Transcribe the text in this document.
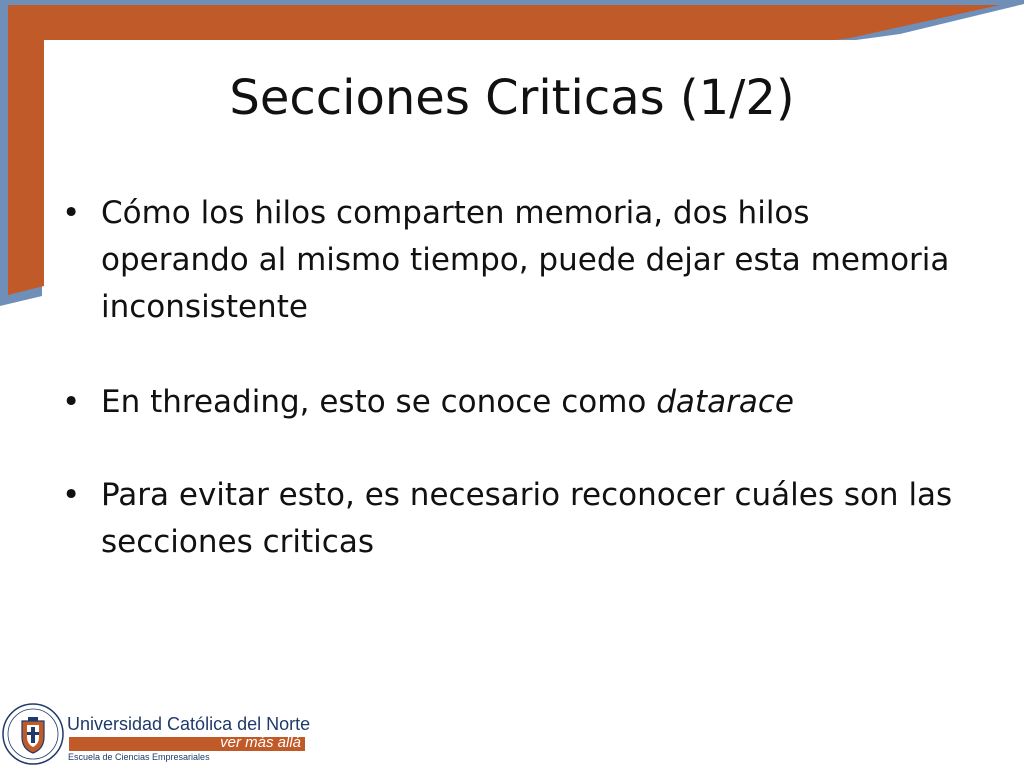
Secciones Criticas (1/2)
• Cómo los hilos comparten memoria, dos hilos operando al mismo tiempo, puede dejar esta memoria inconsistente
• En threading, esto se conoce como datarace
• Para evitar esto, es necesario reconocer cuáles son las secciones criticas
Universidad Católica del Norte
ver más allá
Escuela de Ciencias Empresariales
